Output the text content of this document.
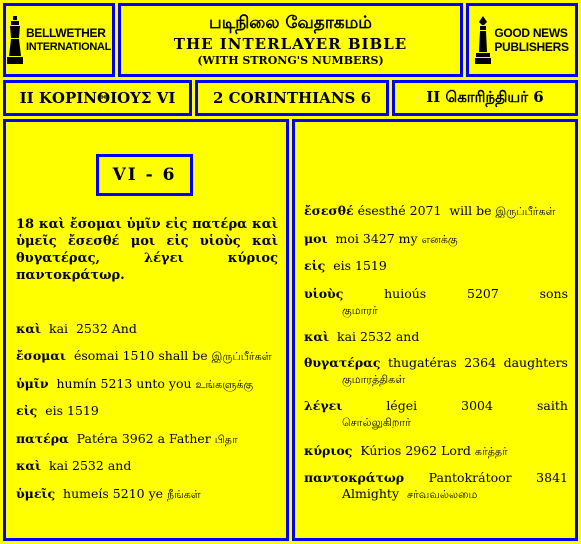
BELLWETHER
INTERNATIONAL
படிநிலை வேதாகமம்
THE INTERLAYER BIBLE
(WITH STRONG'S NUMBERS)
GOOD NEWS
PUBLISHERS
II ΚΟΡΙΝΘΙΟΥΣ VI	2 CORINTHIANS 6	II கொரிந்தியர் 6
VI - 6
18 καὶ ἔσομαι ὑμῖν εἰς πατέρα καὶ ὑμεῖς ἔσεσθέ μοι εἰς υἱοὺς καὶ θυγατέρας, λέγει κύριος παντοκράτωρ.
καὶ kai 2532 And
ἔσομαι ésomai 1510 shall be இருப்பீர்கள்
ὑμῖν humín 5213 unto you உங்களுக்கு
εἰς eis 1519
πατέρα Patéra 3962 a Father பிதா
καὶ kai 2532 and
ὑμεῖς humeís 5210 ye நீங்கள்
ἔσεσθέ ésesthé 2071 will be இருப்பீர்கள்
μοι moi 3427 my எனக்கு
εἰς eis 1519
υἱοὺς	huioús	5207	sons
குமாரர்
καὶ kai 2532 and
θυγατέρας thugatéras 2364 daughters
குமாரத்திகள்
λέγει	légei	3004	saith
சொல்லுகிறார்
κύριος Kúrios 2962 Lord கர்த்தர்
παντοκράτωρ Pantokrátoor 3841
Almighty சர்வவல்லமை
